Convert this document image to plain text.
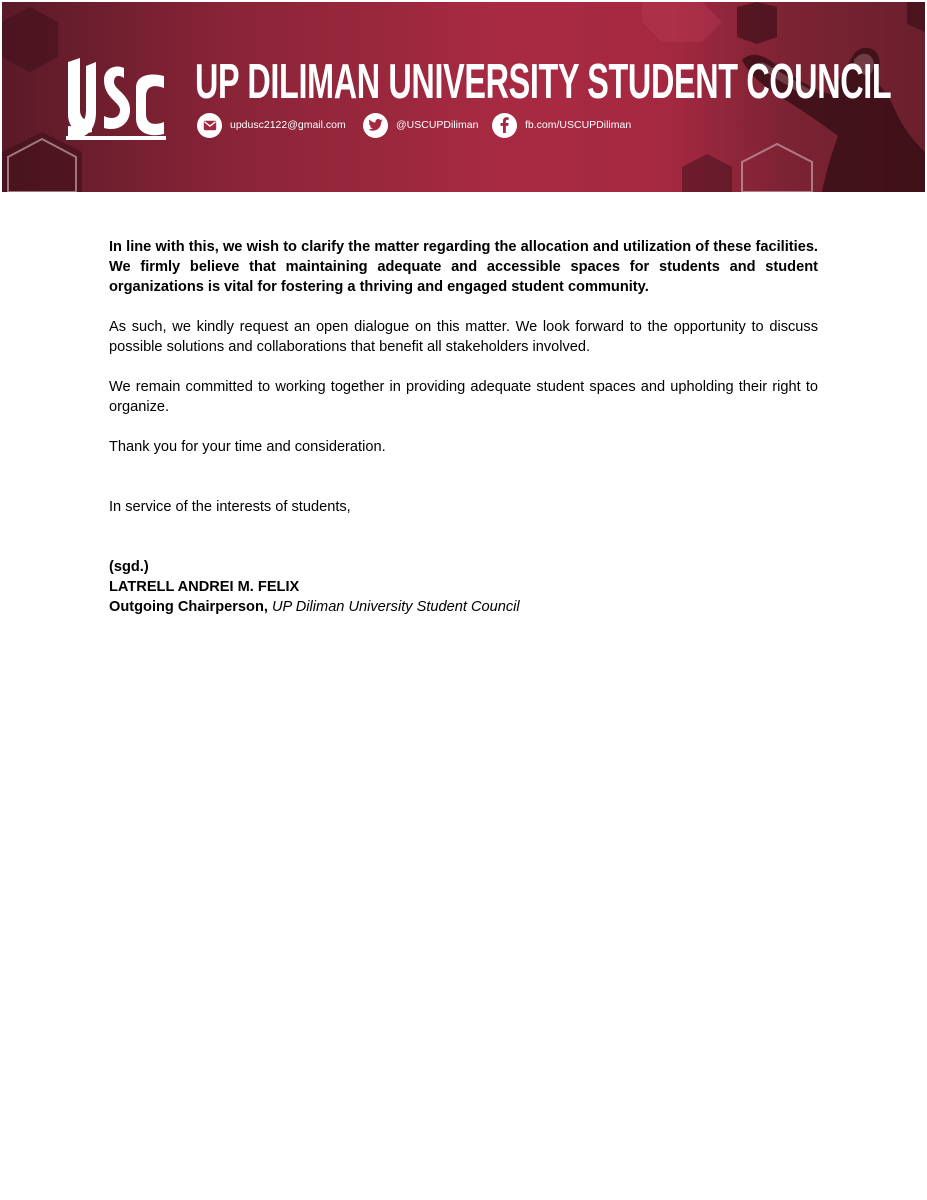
USC
UP DILIMAN UNIVERSITY STUDENT COUNCIL
updusc2122@gmail.com	@USCUPDiliman	fb.com/USCUPDiliman

In line with this, we wish to clarify the matter regarding the allocation and utilization of these facilities. We firmly believe that maintaining adequate and accessible spaces for students and student organizations is vital for fostering a thriving and engaged student community.

As such, we kindly request an open dialogue on this matter. We look forward to the opportunity to discuss possible solutions and collaborations that benefit all stakeholders involved.

We remain committed to working together in providing adequate student spaces and upholding their right to organize.

Thank you for your time and consideration.

In service of the interests of students,
(sgd.)
LATRELL ANDREI M. FELIX
Outgoing Chairperson, UP Diliman University Student Council
